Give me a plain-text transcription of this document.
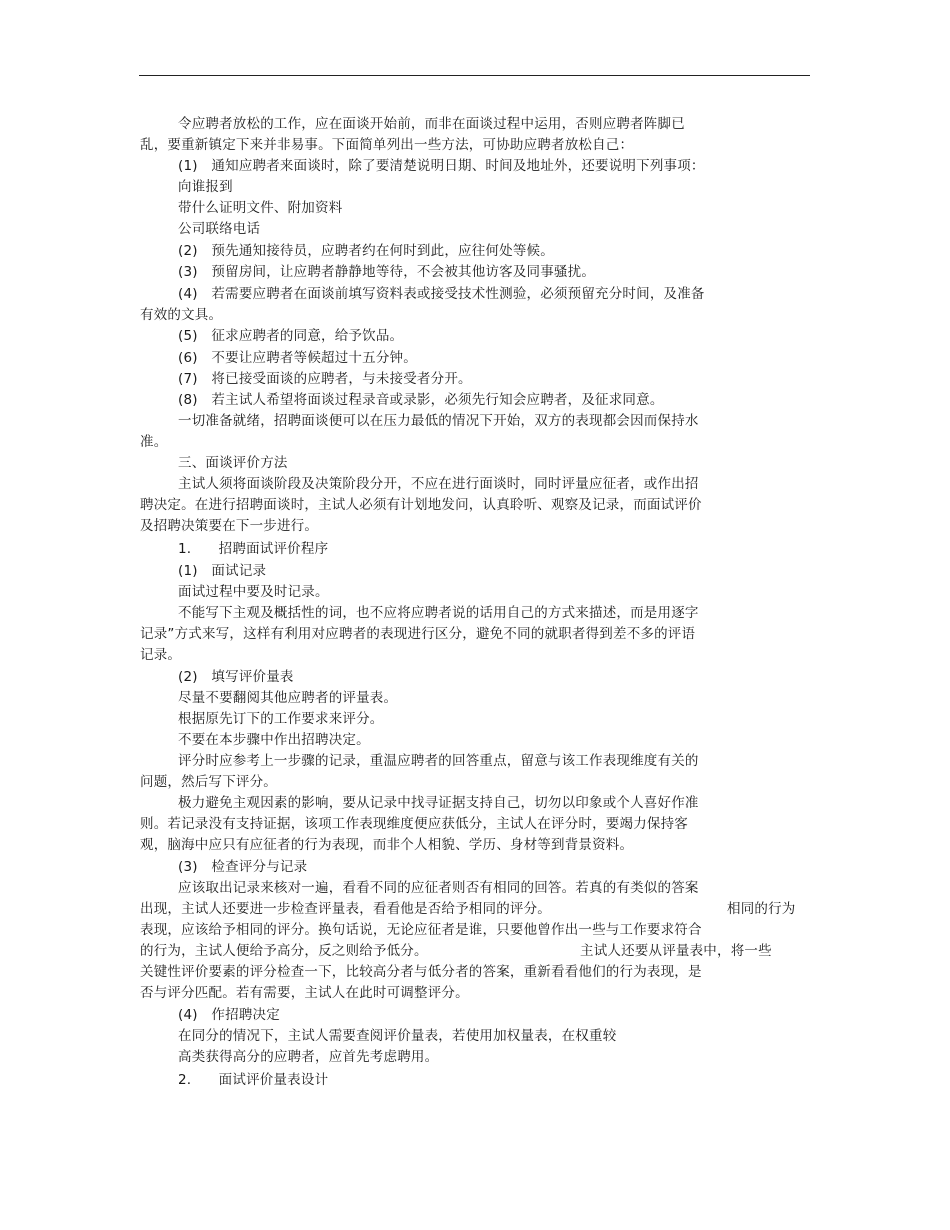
令应聘者放松的工作，应在面谈开始前，而非在面谈过程中运用，否则应聘者阵脚已
乱，要重新镇定下来并非易事。下面简单列出一些方法，可协助应聘者放松自己：
(1)　通知应聘者来面谈时，除了要清楚说明日期、时间及地址外，还要说明下列事项：
向谁报到
带什么证明文件、附加资料
公司联络电话
(2)　预先通知接待员，应聘者约在何时到此，应往何处等候。
(3)　预留房间，让应聘者静静地等待，不会被其他访客及同事骚扰。
(4)　若需要应聘者在面谈前填写资料表或接受技术性测验，必须预留充分时间，及准备
有效的文具。
(5)　征求应聘者的同意，给予饮品。
(6)　不要让应聘者等候超过十五分钟。
(7)　将已接受面谈的应聘者，与未接受者分开。
(8)　若主试人希望将面谈过程录音或录影，必须先行知会应聘者，及征求同意。
一切准备就绪，招聘面谈便可以在压力最低的情况下开始，双方的表现都会因而保持水
准。
三、面谈评价方法
主试人须将面谈阶段及决策阶段分开，不应在进行面谈时，同时评量应征者，或作出招
聘决定。在进行招聘面谈时，主试人必须有计划地发问，认真聆听、观察及记录，而面试评价
及招聘决策要在下一步进行。
1.　　招聘面试评价程序
(1)　面试记录
面试过程中要及时记录。
不能写下主观及概括性的词，也不应将应聘者说的话用自己的方式来描述，而是用逐字
记录”方式来写，这样有利用对应聘者的表现进行区分，避免不同的就职者得到差不多的评语
记录。
(2)　填写评价量表
尽量不要翻阅其他应聘者的评量表。
根据原先订下的工作要求来评分。
不要在本步骤中作出招聘决定。
评分时应参考上一步骤的记录，重温应聘者的回答重点，留意与该工作表现维度有关的
问题，然后写下评分。
极力避免主观因素的影响，要从记录中找寻证据支持自己，切勿以印象或个人喜好作准
则。若记录没有支持证据，该项工作表现维度便应获低分，主试人在评分时，要竭力保持客
观，脑海中应只有应征者的行为表现，而非个人相貌、学历、身材等到背景资料。
(3)　检查评分与记录
应该取出记录来核对一遍，看看不同的应征者则否有相同的回答。若真的有类似的答案
出现，主试人还要进一步检查评量表，看看他是否给予相同的评分。	相同的行为
表现，应该给予相同的评分。换句话说，无论应征者是谁，只要他曾作出一些与工作要求符合
的行为，主试人便给予高分，反之则给予低分。	主试人还要从评量表中，将一些
关键性评价要素的评分检查一下，比较高分者与低分者的答案，重新看看他们的行为表现，是
否与评分匹配。若有需要，主试人在此时可调整评分。
(4)　作招聘决定
在同分的情况下，主试人需要查阅评价量表，若使用加权量表，在权重较
高类获得高分的应聘者，应首先考虑聘用。
2.　　面试评价量表设计
